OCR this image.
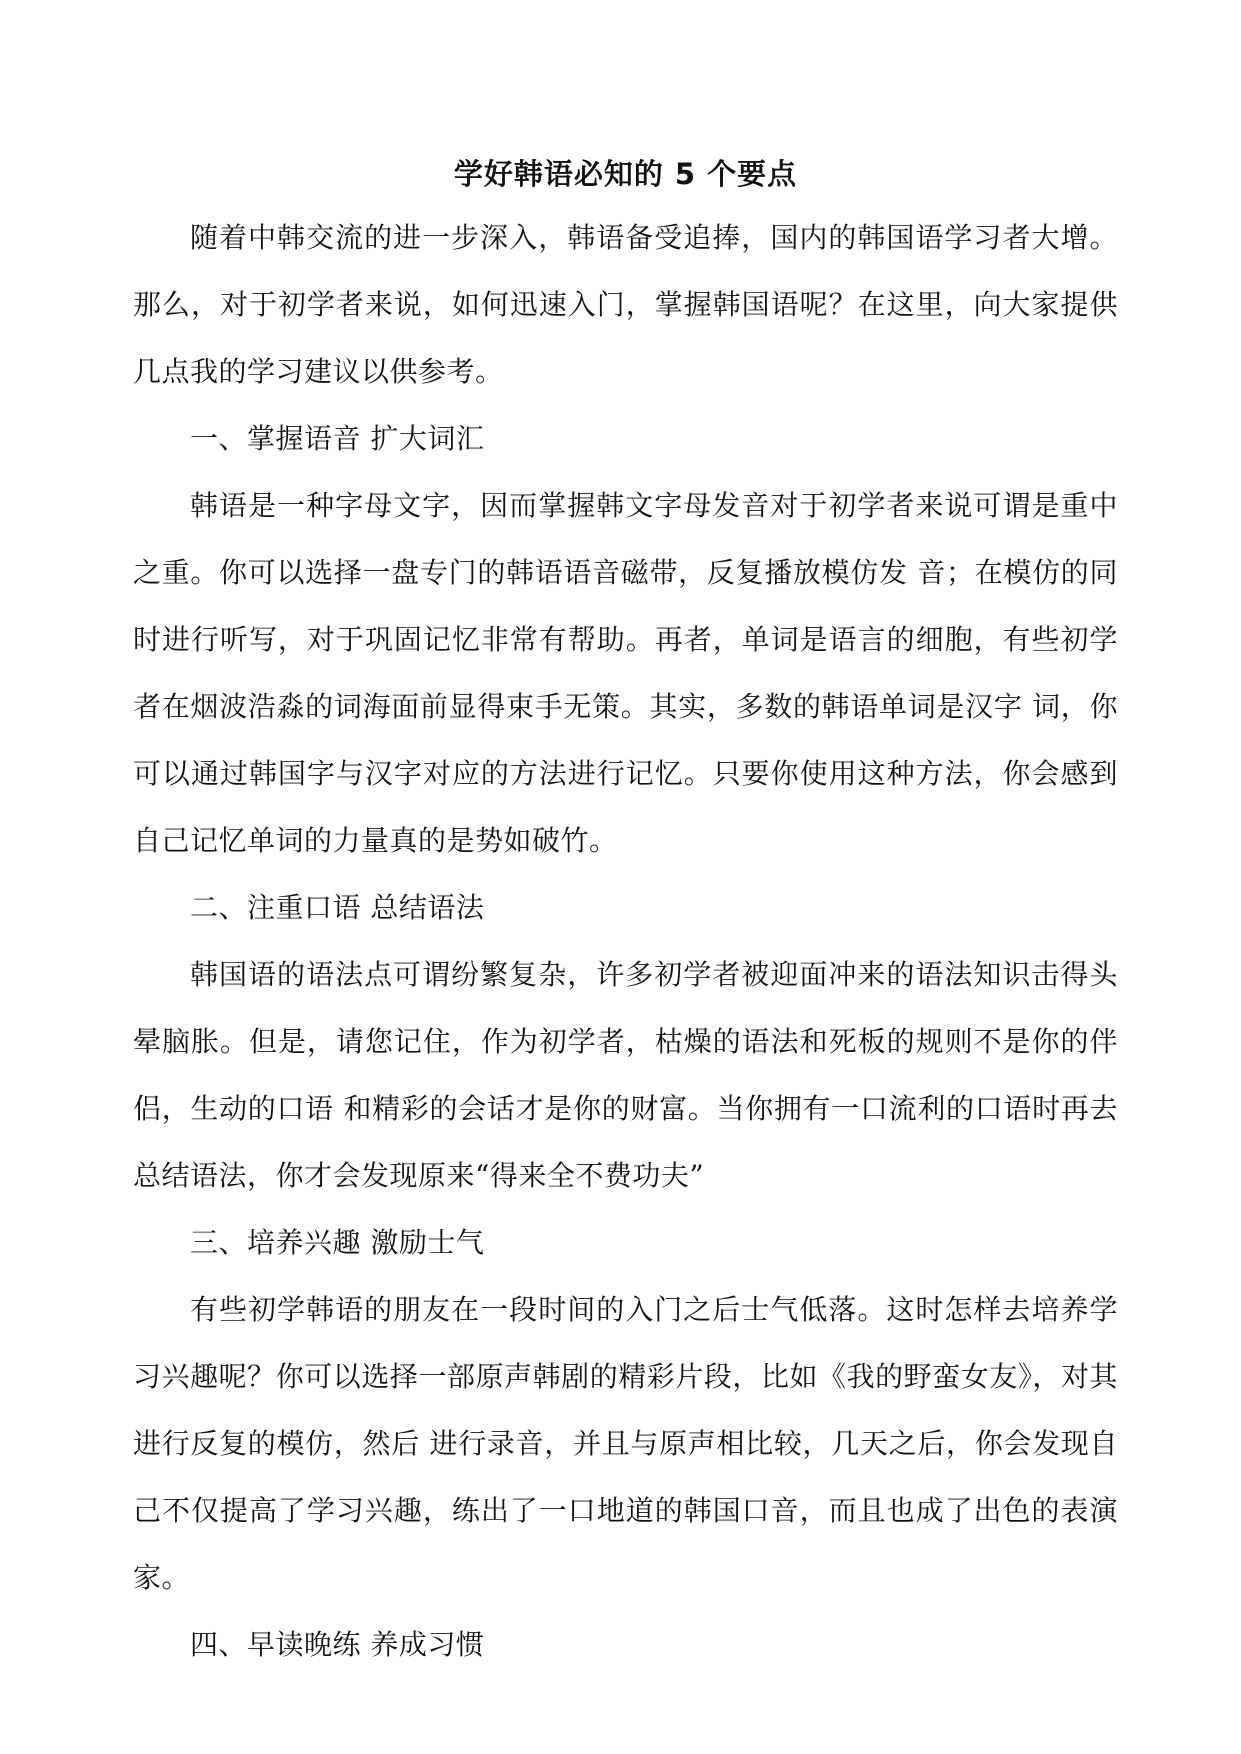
学好韩语必知的 5 个要点

随着中韩交流的进一步深入，韩语备受追捧，国内的韩国语学习者大增。那么，对于初学者来说，如何迅速入门，掌握韩国语呢？在这里，向大家提供几点我的学习建议以供参考。

一、掌握语音 扩大词汇

韩语是一种字母文字，因而掌握韩文字母发音对于初学者来说可谓是重中之重。你可以选择一盘专门的韩语语音磁带，反复播放模仿发 音；在模仿的同时进行听写，对于巩固记忆非常有帮助。再者，单词是语言的细胞，有些初学者在烟波浩淼的词海面前显得束手无策。其实，多数的韩语单词是汉字 词，你可以通过韩国字与汉字对应的方法进行记忆。只要你使用这种方法，你会感到自己记忆单词的力量真的是势如破竹。

二、注重口语 总结语法

韩国语的语法点可谓纷繁复杂，许多初学者被迎面冲来的语法知识击得头晕脑胀。但是，请您记住，作为初学者，枯燥的语法和死板的规则不是你的伴侣，生动的口语 和精彩的会话才是你的财富。当你拥有一口流利的口语时再去总结语法，你才会发现原来“得来全不费功夫”

三、培养兴趣 激励士气

有些初学韩语的朋友在一段时间的入门之后士气低落。这时怎样去培养学习兴趣呢？你可以选择一部原声韩剧的精彩片段，比如《我的野蛮女友》，对其进行反复的模仿，然后 进行录音，并且与原声相比较，几天之后，你会发现自己不仅提高了学习兴趣，练出了一口地道的韩国口音，而且也成了出色的表演家。

四、早读晚练 养成习惯
